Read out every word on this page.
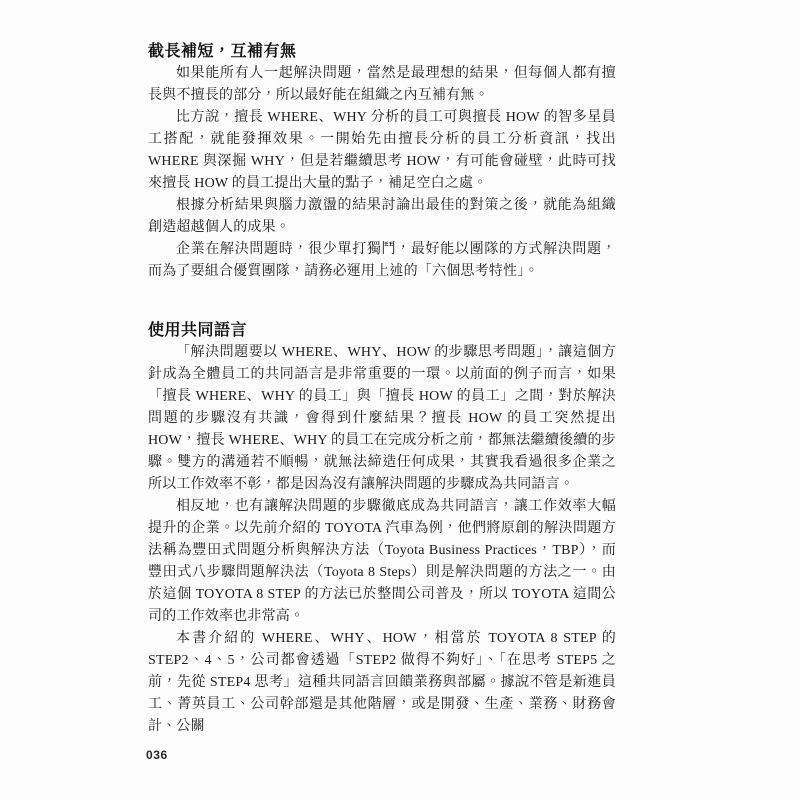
截長補短，互補有無

如果能所有人一起解決問題，當然是最理想的結果，但每個人都有擅長與不擅長的部分，所以最好能在組織之內互補有無。

比方說，擅長 WHERE、WHY 分析的員工可與擅長 HOW 的智多星員工搭配，就能發揮效果。一開始先由擅長分析的員工分析資訊，找出 WHERE 與深掘 WHY，但是若繼續思考 HOW，有可能會碰壁，此時可找來擅長 HOW 的員工提出大量的點子，補足空白之處。

根據分析結果與腦力激盪的結果討論出最佳的對策之後，就能為組織創造超越個人的成果。

企業在解決問題時，很少單打獨鬥，最好能以團隊的方式解決問題，而為了要組合優質團隊，請務必運用上述的「六個思考特性」。

使用共同語言

「解決問題要以 WHERE、WHY、HOW 的步驟思考問題」，讓這個方針成為全體員工的共同語言是非常重要的一環。以前面的例子而言，如果「擅長 WHERE、WHY 的員工」與「擅長 HOW 的員工」之間，對於解決問題的步驟沒有共識，會得到什麼結果？擅長 HOW 的員工突然提出 HOW，擅長 WHERE、WHY 的員工在完成分析之前，都無法繼續後續的步驟。雙方的溝通若不順暢，就無法締造任何成果，其實我看過很多企業之所以工作效率不彰，都是因為沒有讓解決問題的步驟成為共同語言。

相反地，也有讓解決問題的步驟徹底成為共同語言，讓工作效率大幅提升的企業。以先前介紹的 TOYOTA 汽車為例，他們將原創的解決問題方法稱為豐田式問題分析與解決方法（Toyota Business Practices，TBP），而豐田式八步驟問題解決法（Toyota 8 Steps）則是解決問題的方法之一。由於這個 TOYOTA 8 STEP 的方法已於整間公司普及，所以 TOYOTA 這間公司的工作效率也非常高。

本書介紹的 WHERE、WHY、HOW，相當於 TOYOTA 8 STEP 的 STEP2、4、5，公司都會透過「STEP2 做得不夠好」、「在思考 STEP5 之前，先從 STEP4 思考」這種共同語言回饋業務與部屬。據說不管是新進員工、菁英員工、公司幹部還是其他階層，或是開發、生產、業務、財務會計、公關

036
